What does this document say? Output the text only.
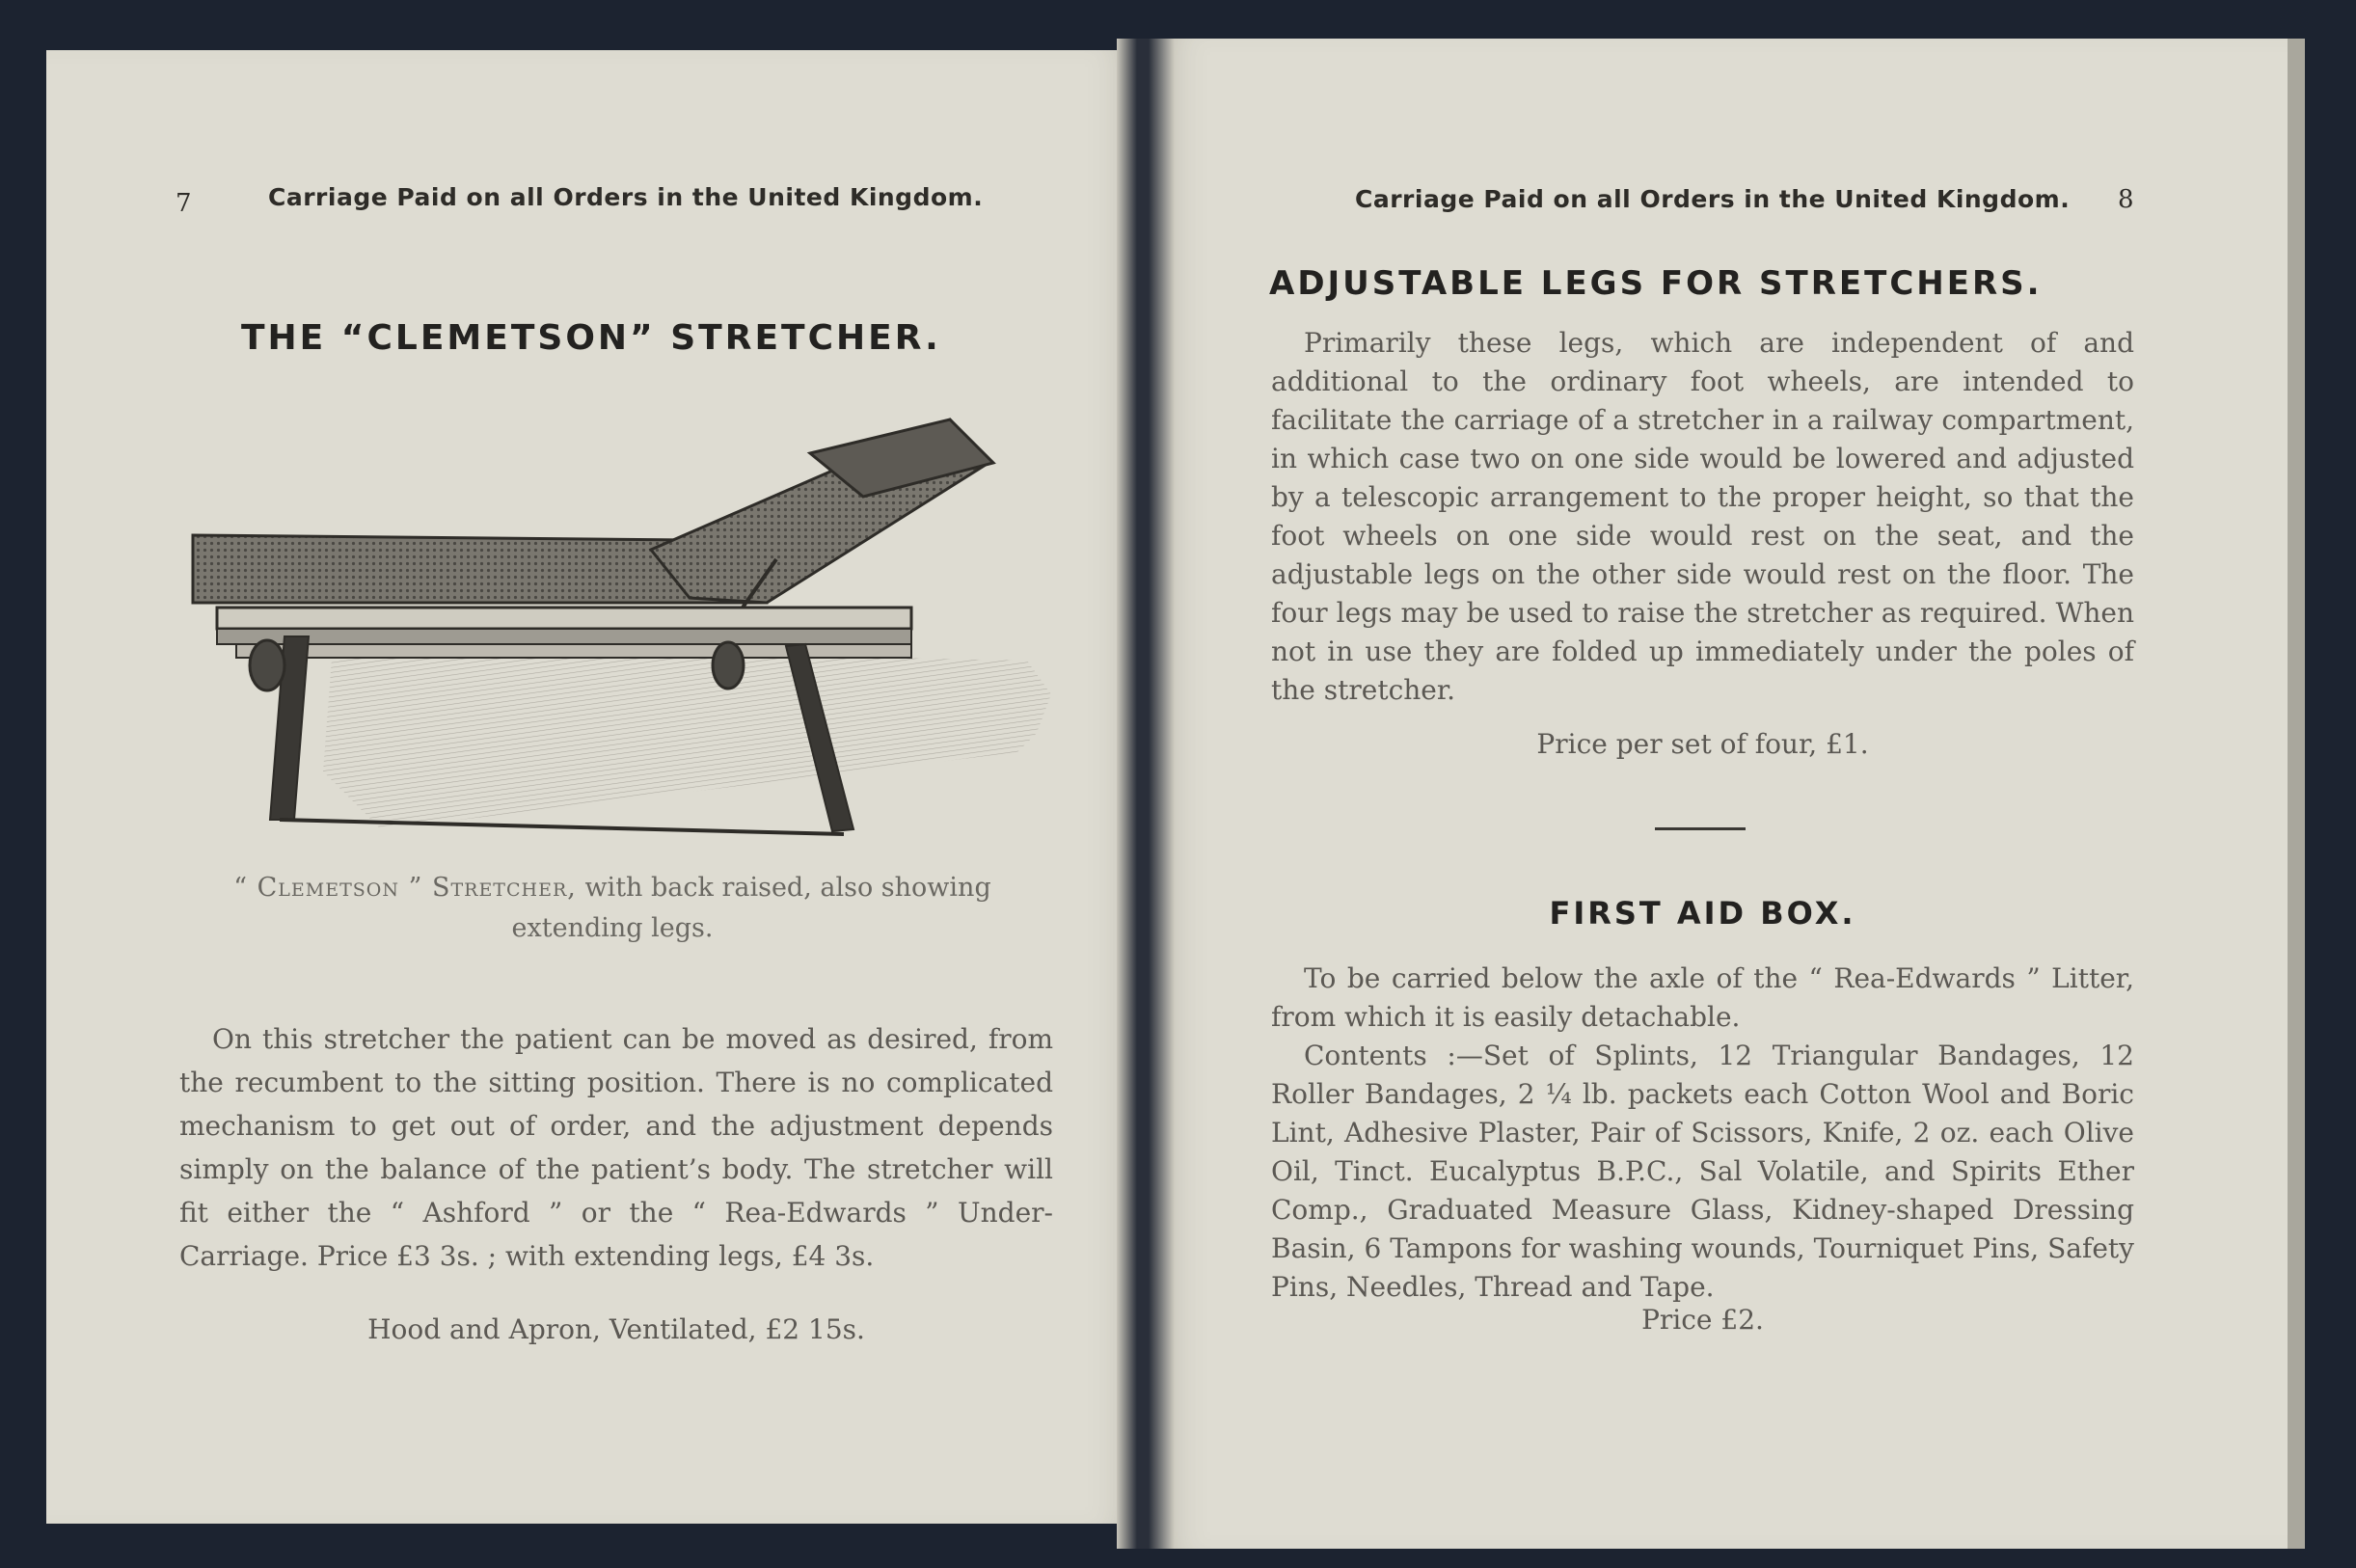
7	Carriage Paid on all Orders in the United Kingdom.
THE “CLEMETSON” STRETCHER.
“ Clemetson ” Stretcher, with back raised, also showing extending legs.
On this stretcher the patient can be moved as desired, from the recumbent to the sitting position. There is no complicated mechanism to get out of order, and the adjustment depends simply on the balance of the patient’s body. The stretcher will fit either the “ Ashford ” or the “ Rea-Edwards ” Under-Carriage. Price £3 3s. ; with extending legs, £4 3s.
Hood and Apron, Ventilated, £2 15s.
Carriage Paid on all Orders in the United Kingdom. 8
ADJUSTABLE LEGS FOR STRETCHERS.
Primarily these legs, which are independent of and additional to the ordinary foot wheels, are intended to facilitate the carriage of a stretcher in a railway compartment, in which case two on one side would be lowered and adjusted by a telescopic arrangement to the proper height, so that the foot wheels on one side would rest on the seat, and the adjustable legs on the other side would rest on the floor. The four legs may be used to raise the stretcher as required. When not in use they are folded up immediately under the poles of the stretcher.
Price per set of four, £1.
FIRST AID BOX.
To be carried below the axle of the “ Rea-Edwards ” Litter, from which it is easily detachable.
Contents :—Set of Splints, 12 Triangular Bandages, 12 Roller Bandages, 2 ¼ lb. packets each Cotton Wool and Boric Lint, Adhesive Plaster, Pair of Scissors, Knife, 2 oz. each Olive Oil, Tinct. Eucalyptus B.P.C., Sal Volatile, and Spirits Ether Comp., Graduated Measure Glass, Kidney-shaped Dressing Basin, 6 Tampons for washing wounds, Tourniquet Pins, Safety Pins, Needles, Thread and Tape.
Price £2.
